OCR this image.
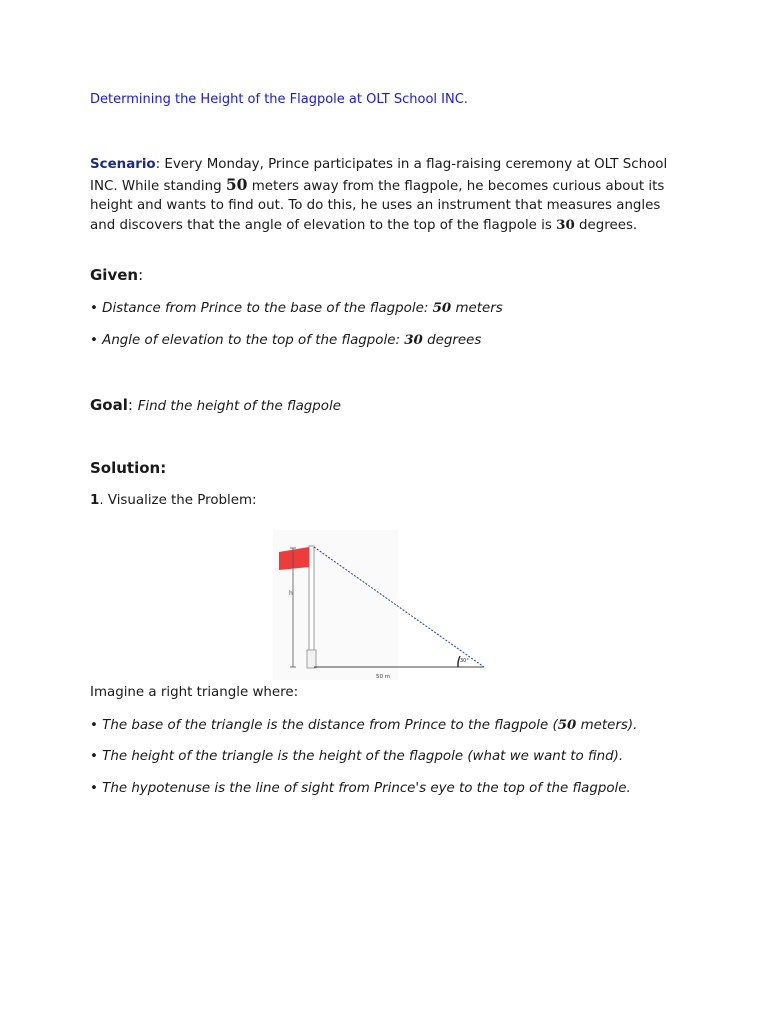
Determining the Height of the Flagpole at OLT School INC.
Scenario: Every Monday, Prince participates in a flag-raising ceremony at OLT School INC. While standing 50 meters away from the flagpole, he becomes curious about its height and wants to find out. To do this, he uses an instrument that measures angles and discovers that the angle of elevation to the top of the flagpole is 30 degrees.
Given:
• Distance from Prince to the base of the flagpole: 50 meters
• Angle of elevation to the top of the flagpole: 30 degrees
Goal: Find the height of the flagpole
Solution:
1. Visualize the Problem:
h
30°
50 m
Imagine a right triangle where:
• The base of the triangle is the distance from Prince to the flagpole (50 meters).
• The height of the triangle is the height of the flagpole (what we want to find).
• The hypotenuse is the line of sight from Prince's eye to the top of the flagpole.
